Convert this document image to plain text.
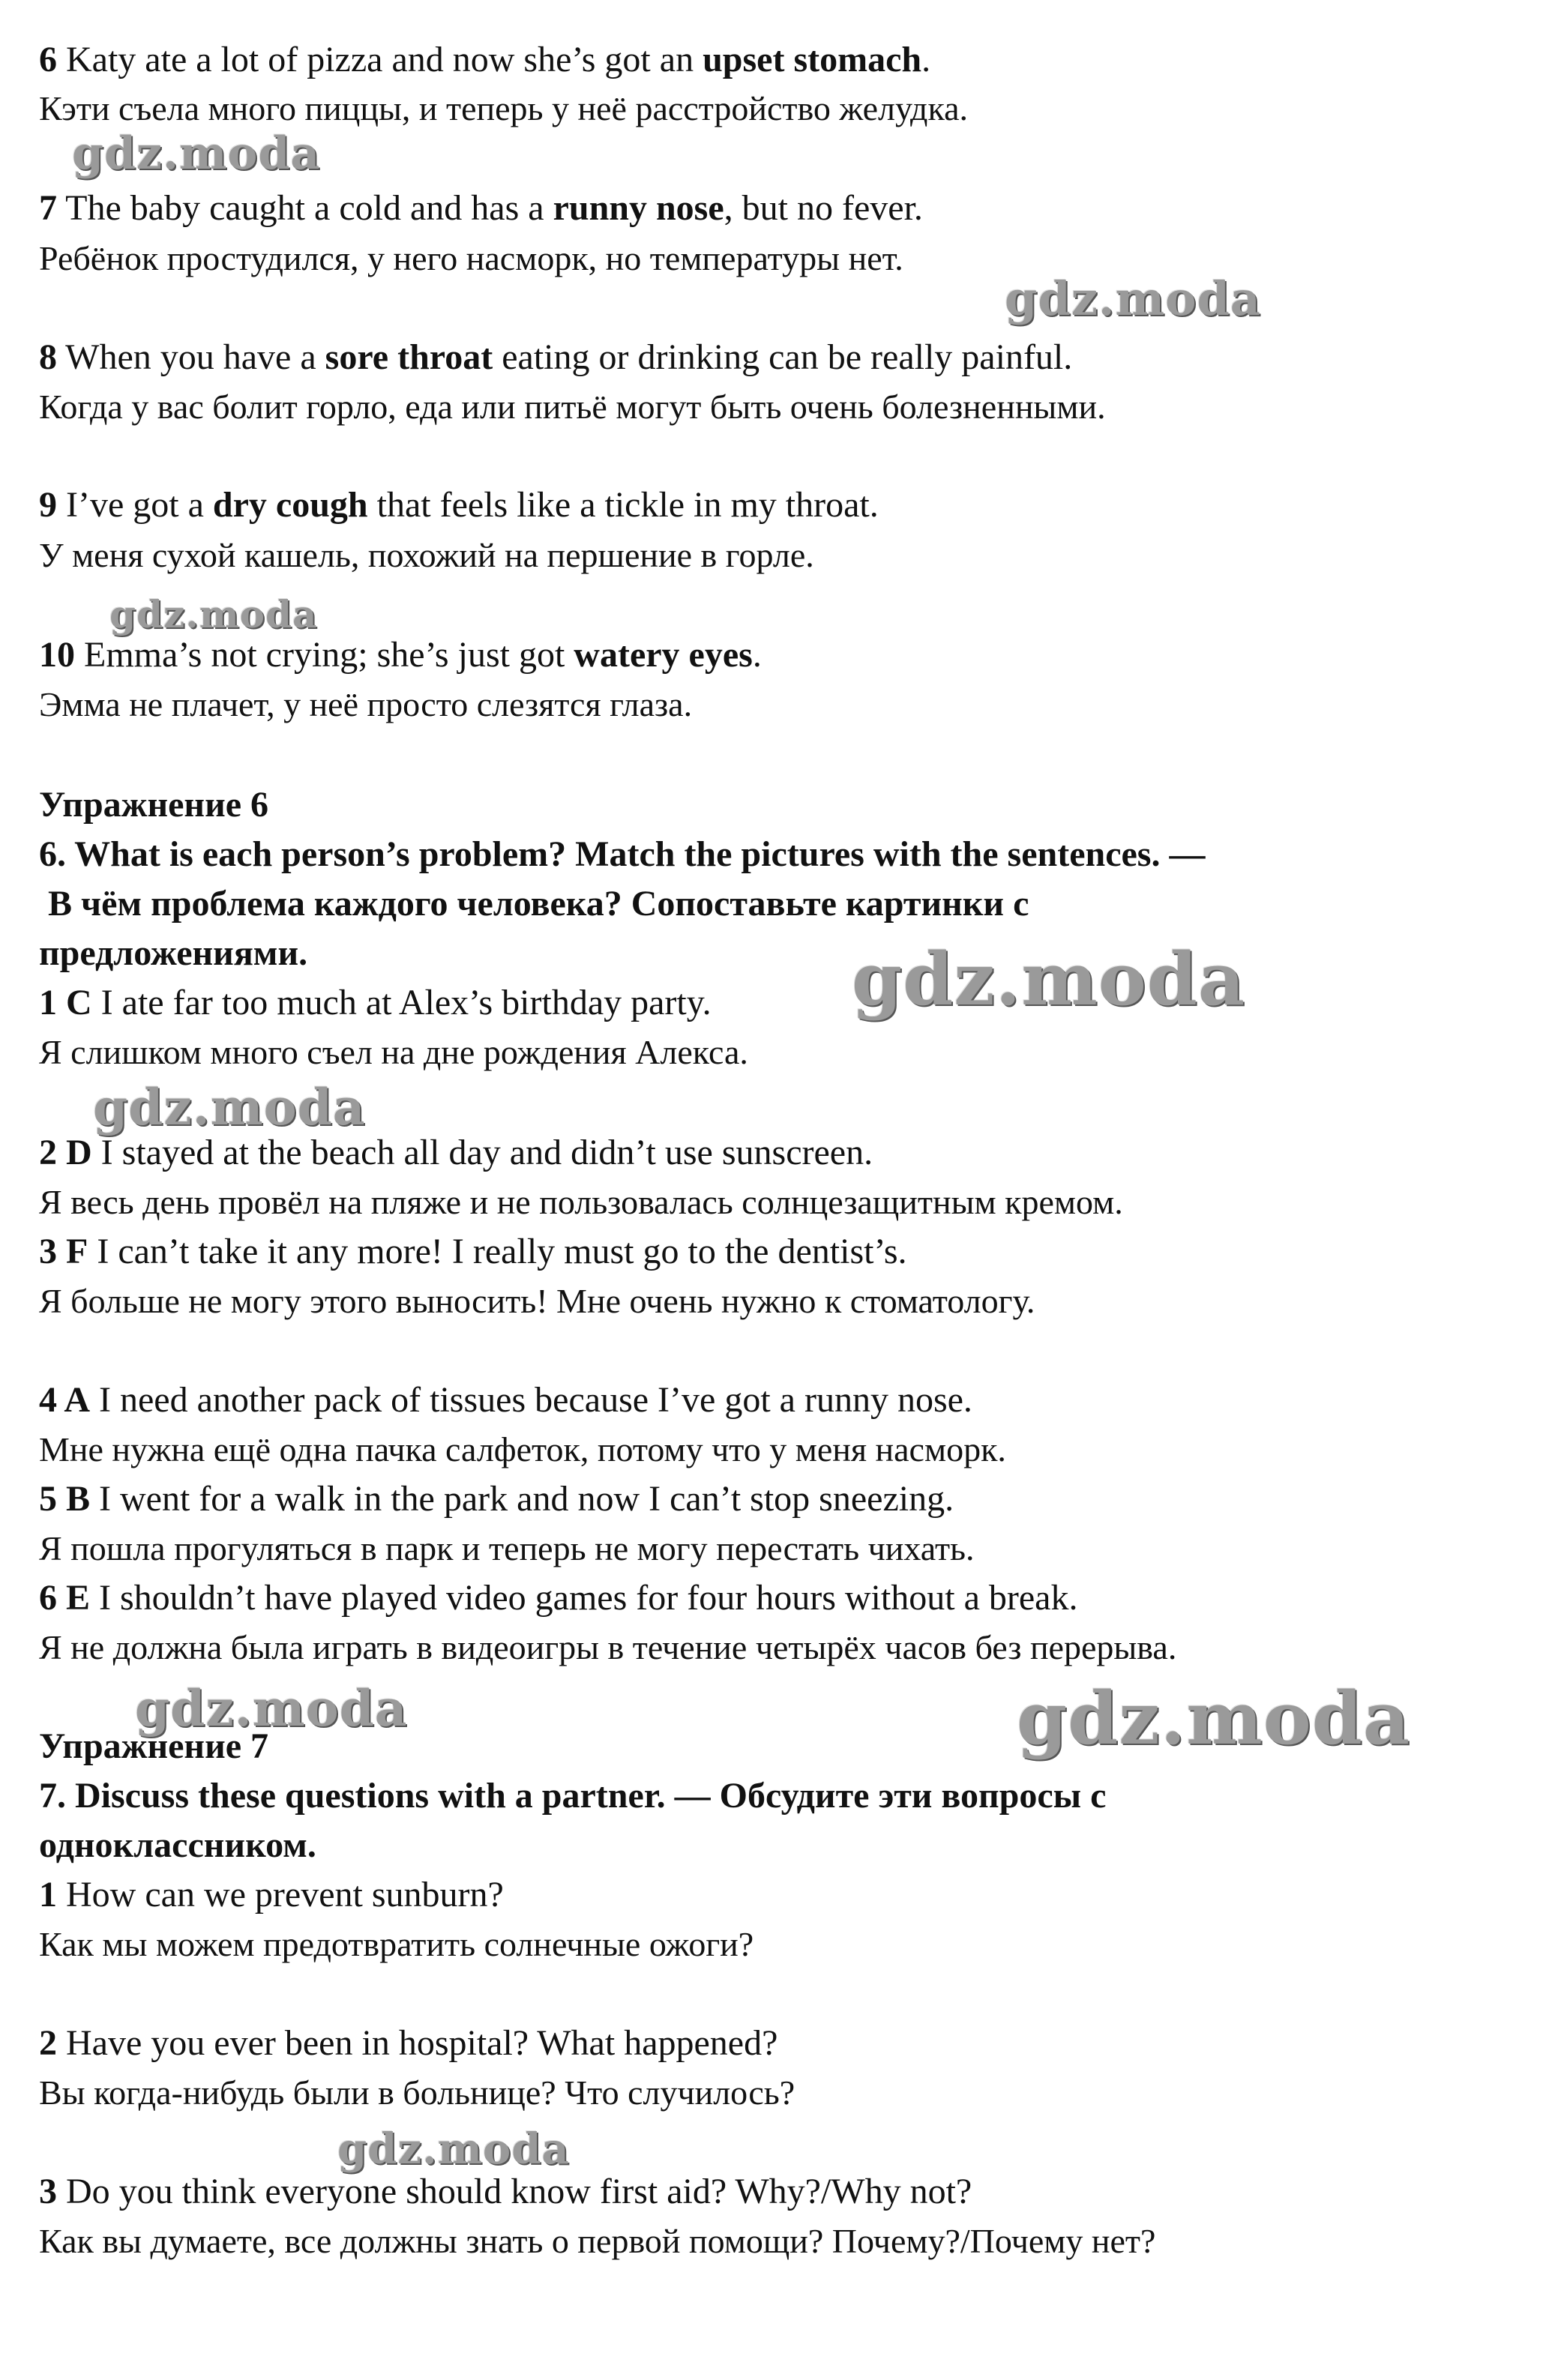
6 Katy ate a lot of pizza and now she’s got an upset stomach.

Кэти съела много пиццы, и теперь у неё расстройство желудка.

7 The baby caught a cold and has a runny nose, but no fever.

Ребёнок простудился, у него насморк, но температуры нет.

8 When you have a sore throat eating or drinking can be really painful.

Когда у вас болит горло, еда или питьё могут быть очень болезненными.

9 I’ve got a dry cough that feels like a tickle in my throat.

У меня сухой кашель, похожий на першение в горле.

10 Emma’s not crying; she’s just got watery eyes.

Эмма не плачет, у неё просто слезятся глаза.

Упражнение 6

6. What is each person’s problem? Match the pictures with the sentences. —

В чём проблема каждого человека? Сопоставьте картинки с

предложениями.

1 C I ate far too much at Alex’s birthday party.

Я слишком много съел на дне рождения Алекса.

2 D I stayed at the beach all day and didn’t use sunscreen.

Я весь день провёл на пляже и не пользовалась солнцезащитным кремом.

3 F I can’t take it any more! I really must go to the dentist’s.

Я больше не могу этого выносить! Мне очень нужно к стоматологу.

4 A I need another pack of tissues because I’ve got a runny nose.

Мне нужна ещё одна пачка салфеток, потому что у меня насморк.

5 B I went for a walk in the park and now I can’t stop sneezing.

Я пошла прогуляться в парк и теперь не могу перестать чихать.

6 E I shouldn’t have played video games for four hours without a break.

Я не должна была играть в видеоигры в течение четырёх часов без перерыва.

Упражнение 7

7. Discuss these questions with a partner. — Обсудите эти вопросы с

одноклассником.

1 How can we prevent sunburn?

Как мы можем предотвратить солнечные ожоги?

2 Have you ever been in hospital? What happened?

Вы когда-нибудь были в больнице? Что случилось?

3 Do you think everyone should know first aid? Why?/Why not?

Как вы думаете, все должны знать о первой помощи? Почему?/Почему нет?

gdz.moda
gdz.moda
gdz.moda
gdz.moda
gdz.moda
gdz.moda	gdz.moda
gdz.moda
